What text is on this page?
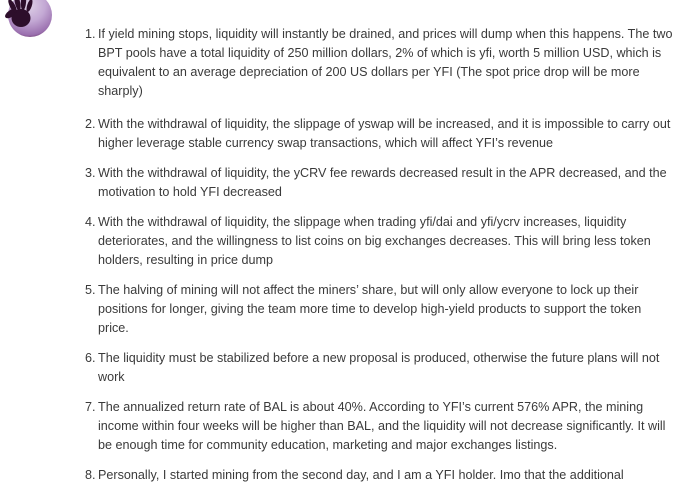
1. If yield mining stops, liquidity will instantly be drained, and prices will dump when this happens. The two BPT pools have a total liquidity of 250 million dollars, 2% of which is yfi, worth 5 million USD, which is equivalent to an average depreciation of 200 US dollars per YFI (The spot price drop will be more sharply)
2. With the withdrawal of liquidity, the slippage of yswap will be increased, and it is impossible to carry out higher leverage stable currency swap transactions, which will affect YFI’s revenue
3. With the withdrawal of liquidity, the yCRV fee rewards decreased result in the APR decreased, and the motivation to hold YFI decreased
4. With the withdrawal of liquidity, the slippage when trading yfi/dai and yfi/ycrv increases, liquidity deteriorates, and the willingness to list coins on big exchanges decreases. This will bring less token holders, resulting in price dump
5. The halving of mining will not affect the miners’ share, but will only allow everyone to lock up their positions for longer, giving the team more time to develop high-yield products to support the token price.
6. The liquidity must be stabilized before a new proposal is produced, otherwise the future plans will not work
7. The annualized return rate of BAL is about 40%. According to YFI’s current 576% APR, the mining income within four weeks will be higher than BAL, and the liquidity will not decrease significantly. It will be enough time for community education, marketing and major exchanges listings.
8. Personally, I started mining from the second day, and I am a YFI holder. Imo that the additional
